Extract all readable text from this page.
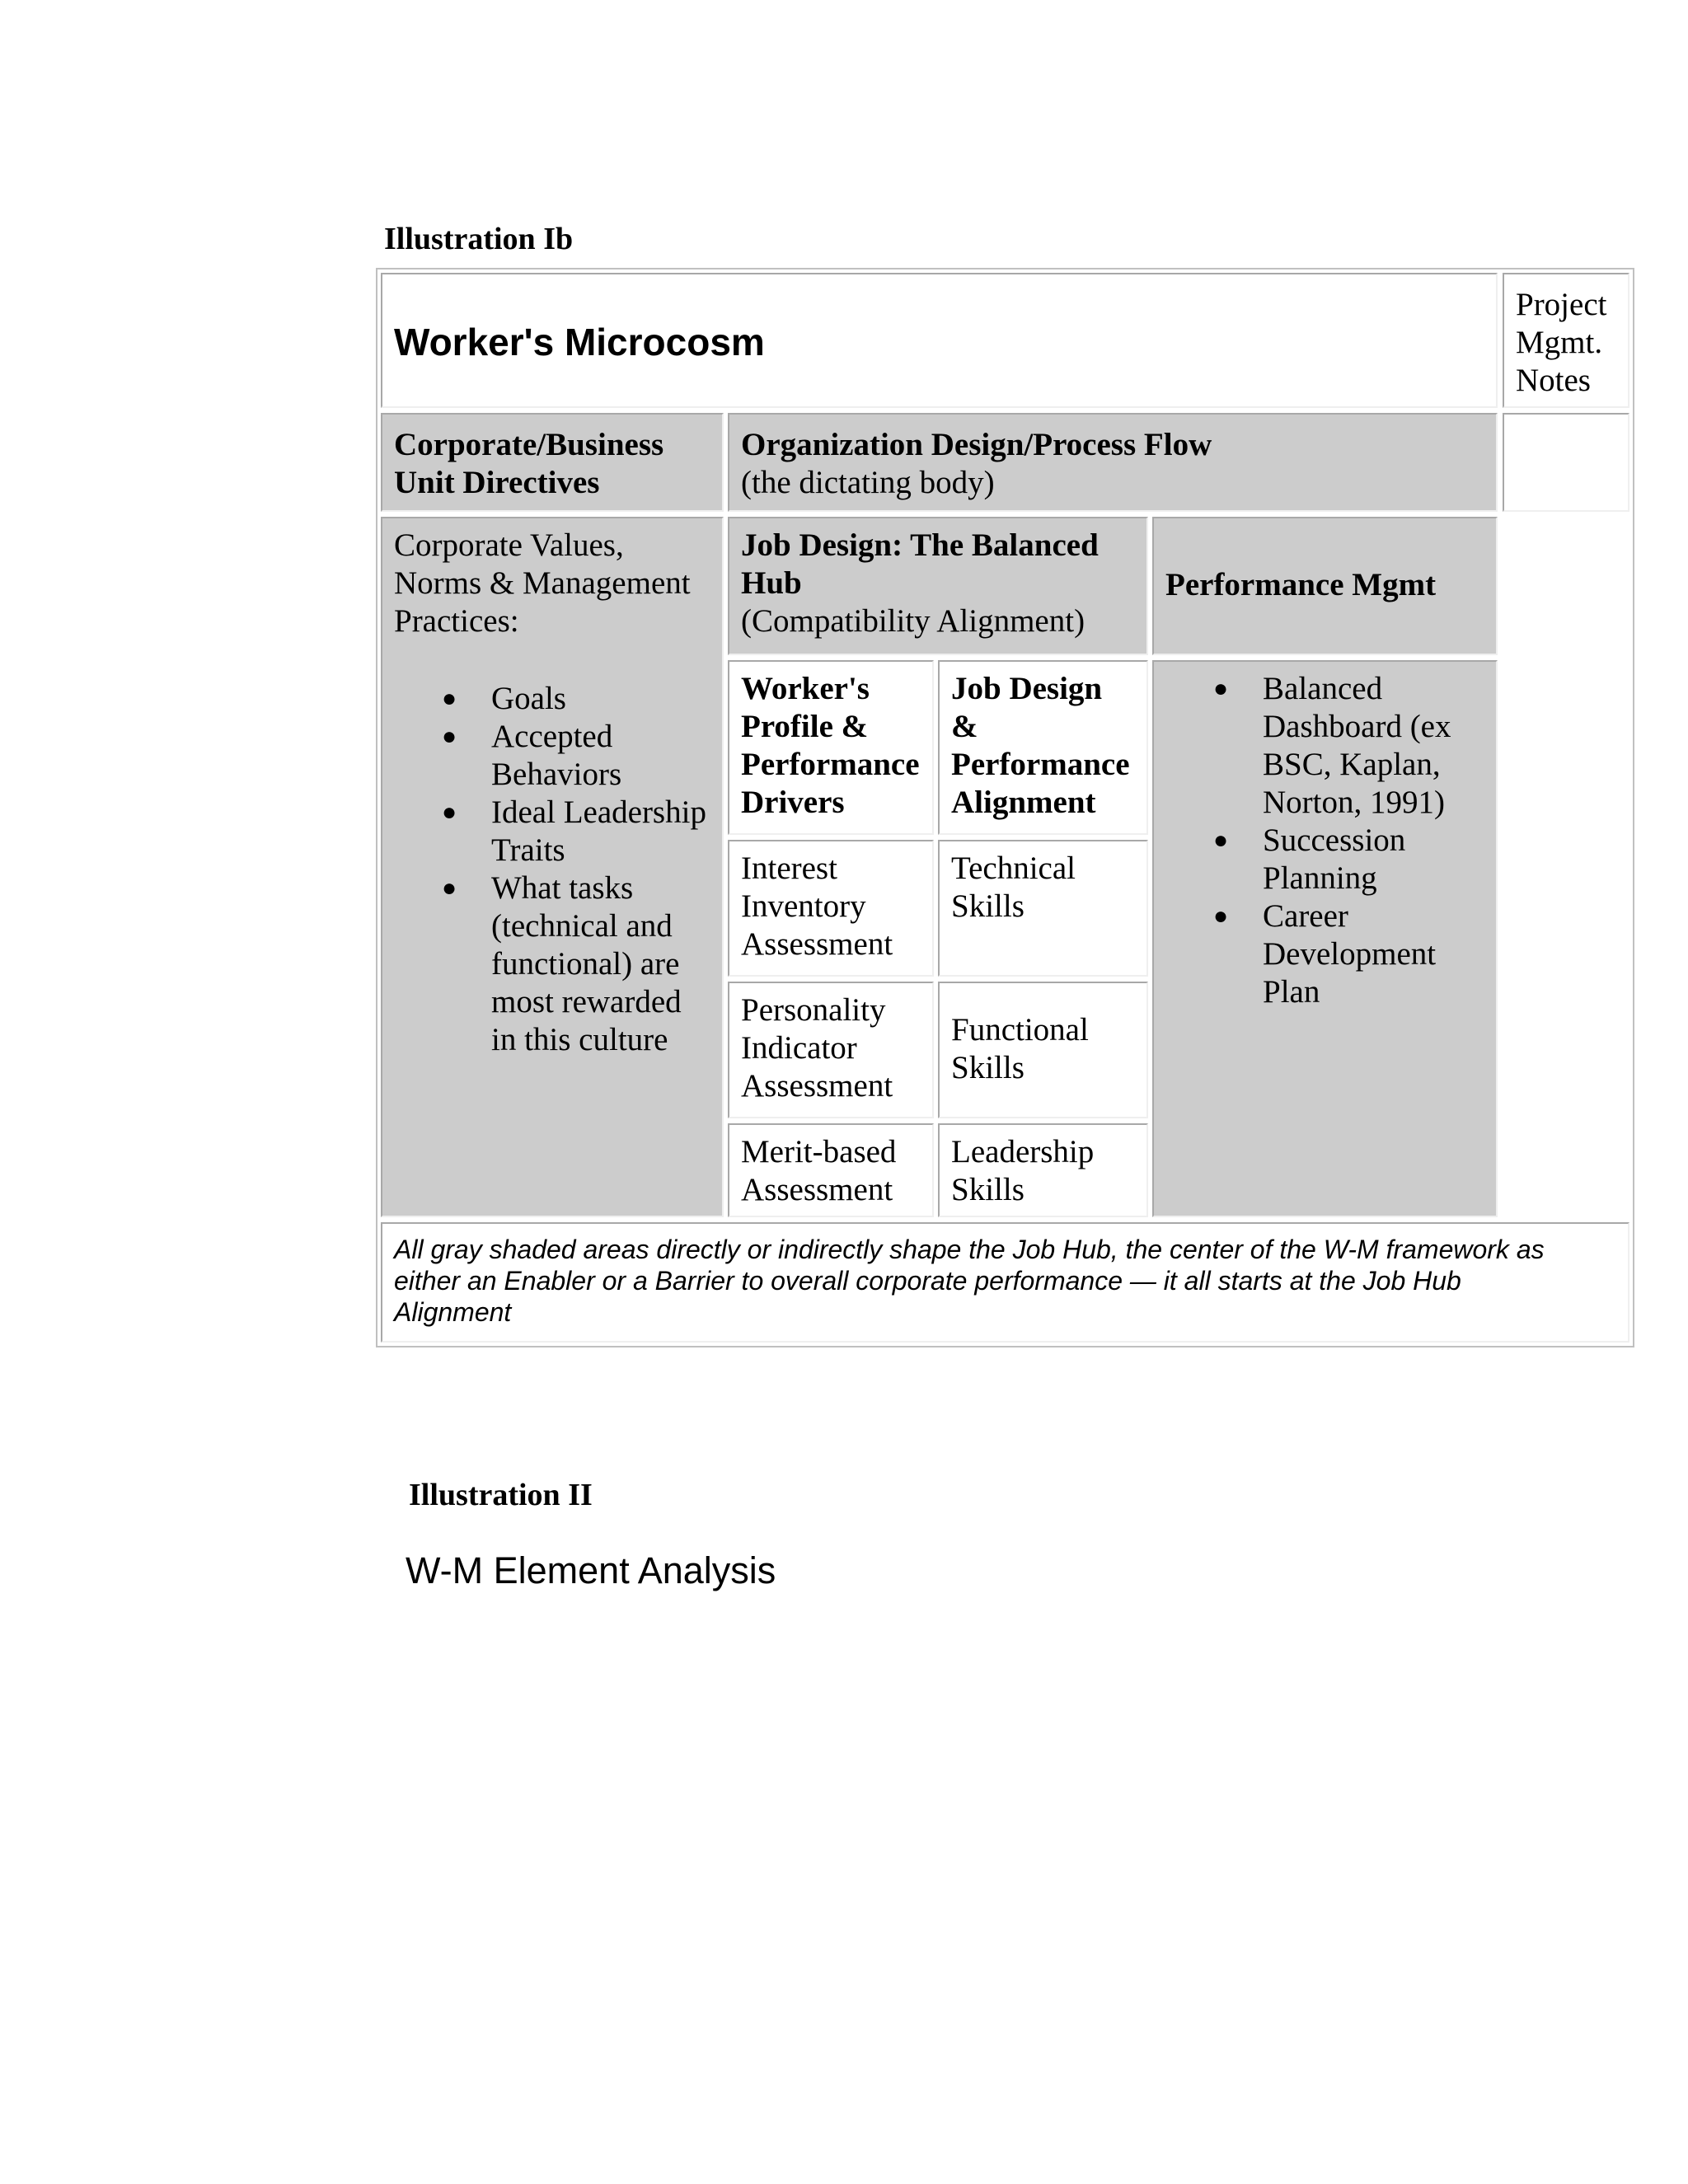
Illustration Ib
Worker's Microcosm
Project
Mgmt.
Notes
Corporate/Business
Unit Directives
Organization Design/Process Flow
(the dictating body)
Corporate Values,
Norms & Management
Practices:
● Goals
● Accepted
Behaviors
● Ideal Leadership
Traits
● What tasks
(technical and
functional) are
most rewarded
in this culture
Job Design: The Balanced
Hub
(Compatibility Alignment)
Performance Mgmt
Worker's
Profile &
Performance
Drivers
Job Design
&
Performance
Alignment
● Balanced
Dashboard (ex
BSC, Kaplan,
Norton, 1991)
● Succession
Planning
● Career
Development
Plan
Interest
Inventory
Assessment
Technical
Skills
Personality
Indicator
Assessment
Functional
Skills
Merit-based
Assessment
Leadership
Skills
All gray shaded areas directly or indirectly shape the Job Hub, the center of the W-M framework as
either an Enabler or a Barrier to overall corporate performance — it all starts at the Job Hub
Alignment
Illustration II
W-M Element Analysis
